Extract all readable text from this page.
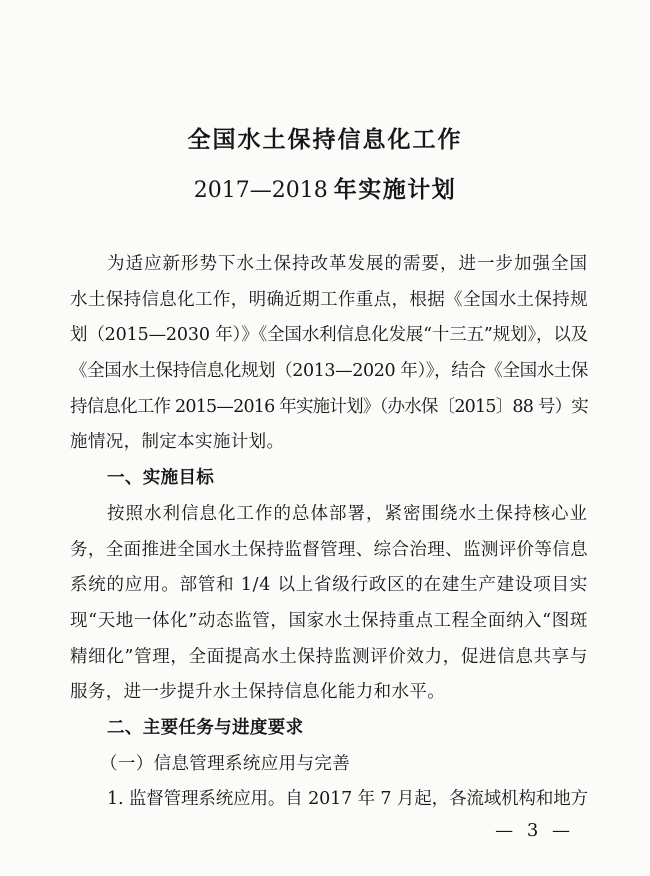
全国水土保持信息化工作
2017—2018 年实施计划
为适应新形势下水土保持改革发展的需要，进一步加强全国
水土保持信息化工作，明确近期工作重点，根据《全国水土保持规
划（2015—2030 年）》《全国水利信息化发展“十三五”规划》，以及
《全国水土保持信息化规划（2013—2020 年）》，结合《全国水土保
持信息化工作 2015—2016 年实施计划》（办水保〔2015〕88 号）实
施情况，制定本实施计划。
一、实施目标
按照水利信息化工作的总体部署，紧密围绕水土保持核心业
务，全面推进全国水土保持监督管理、综合治理、监测评价等信息
系统的应用。部管和 1/4 以上省级行政区的在建生产建设项目实
现“天地一体化”动态监管，国家水土保持重点工程全面纳入“图斑
精细化”管理，全面提高水土保持监测评价效力，促进信息共享与
服务，进一步提升水土保持信息化能力和水平。
二、主要任务与进度要求
（一）信息管理系统应用与完善
1. 监督管理系统应用。自 2017 年 7 月起，各流域机构和地方
— 3 —
